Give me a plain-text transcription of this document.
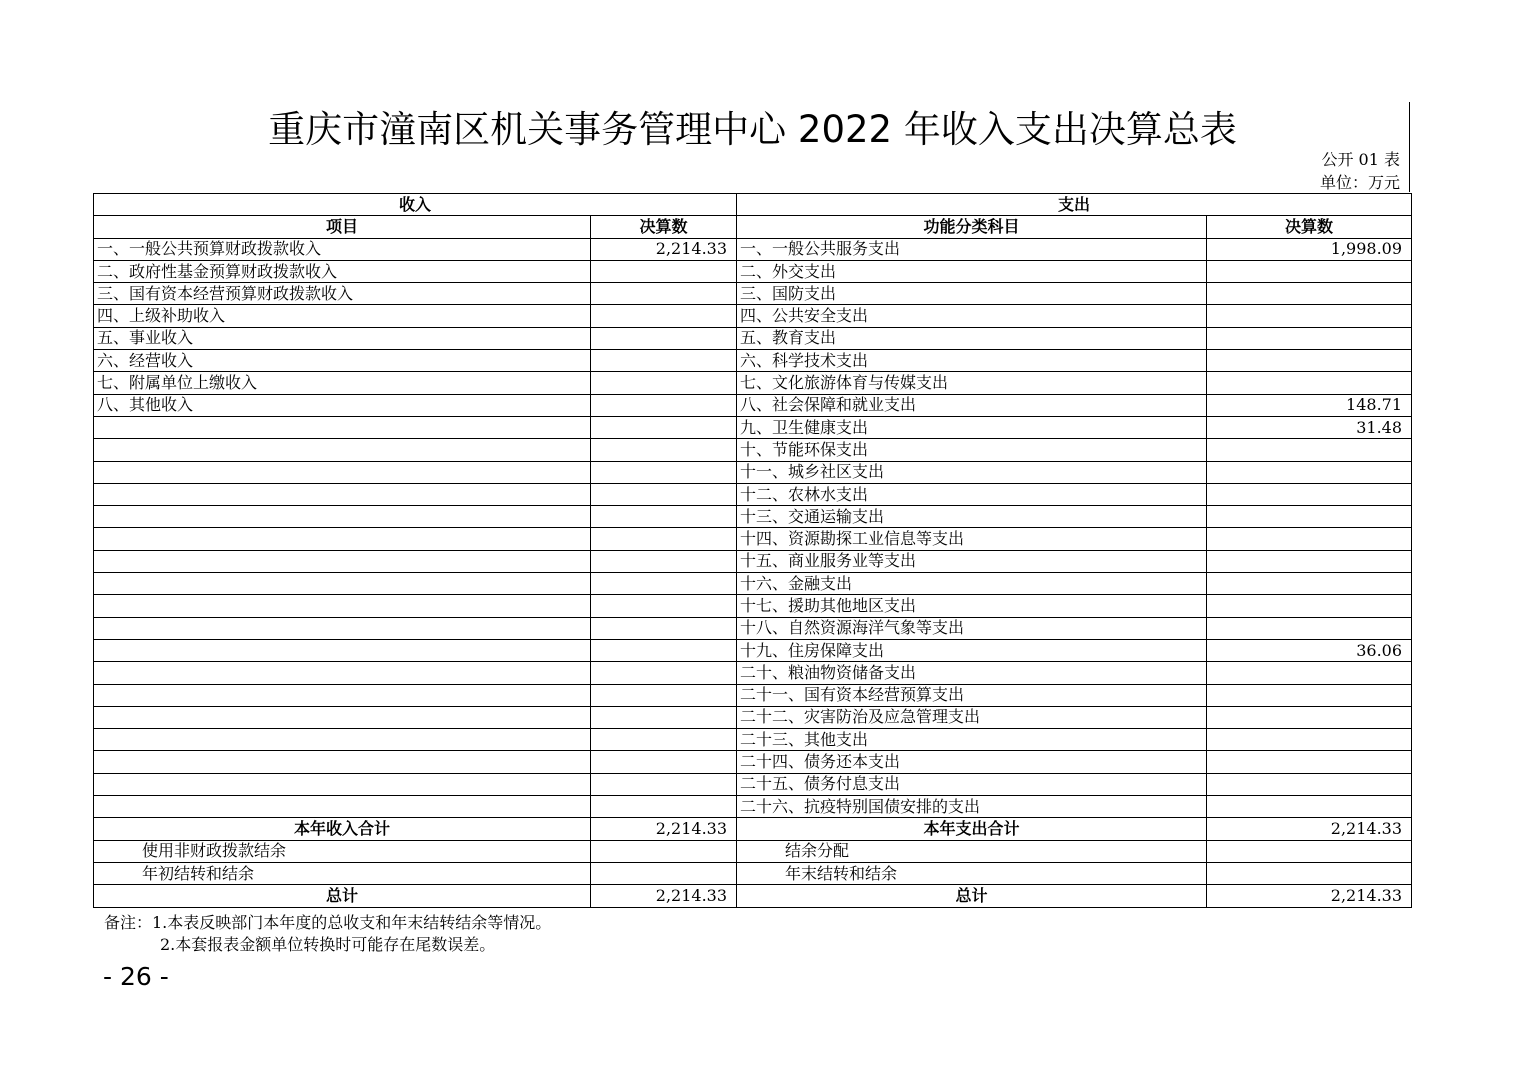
重庆市潼南区机关事务管理中心 2022 年收入支出决算总表
公开 01 表
单位：万元
收入		支出	
项目	决算数	功能分类科目	决算数
一、一般公共预算财政拨款收入	2,214.33	一、一般公共服务支出	1,998.09
二、政府性基金预算财政拨款收入		二、外交支出	
三、国有资本经营预算财政拨款收入		三、国防支出	
四、上级补助收入		四、公共安全支出	
五、事业收入		五、教育支出	
六、经营收入		六、科学技术支出	
七、附属单位上缴收入		七、文化旅游体育与传媒支出	
八、其他收入		八、社会保障和就业支出	148.71
		九、卫生健康支出	31.48
		十、节能环保支出	
		十一、城乡社区支出	
		十二、农林水支出	
		十三、交通运输支出	
		十四、资源勘探工业信息等支出	
		十五、商业服务业等支出	
		十六、金融支出	
		十七、援助其他地区支出	
		十八、自然资源海洋气象等支出	
		十九、住房保障支出	36.06
		二十、粮油物资储备支出	
		二十一、国有资本经营预算支出	
		二十二、灾害防治及应急管理支出	
		二十三、其他支出	
		二十四、债务还本支出	
		二十五、债务付息支出	
		二十六、抗疫特别国债安排的支出	
本年收入合计	2,214.33	本年支出合计	2,214.33
使用非财政拨款结余		结余分配	
年初结转和结余		年末结转和结余	
总计	2,214.33	总计	2,214.33
备注：1.本表反映部门本年度的总收支和年末结转结余等情况。
2.本套报表金额单位转换时可能存在尾数误差。
- 26 -
